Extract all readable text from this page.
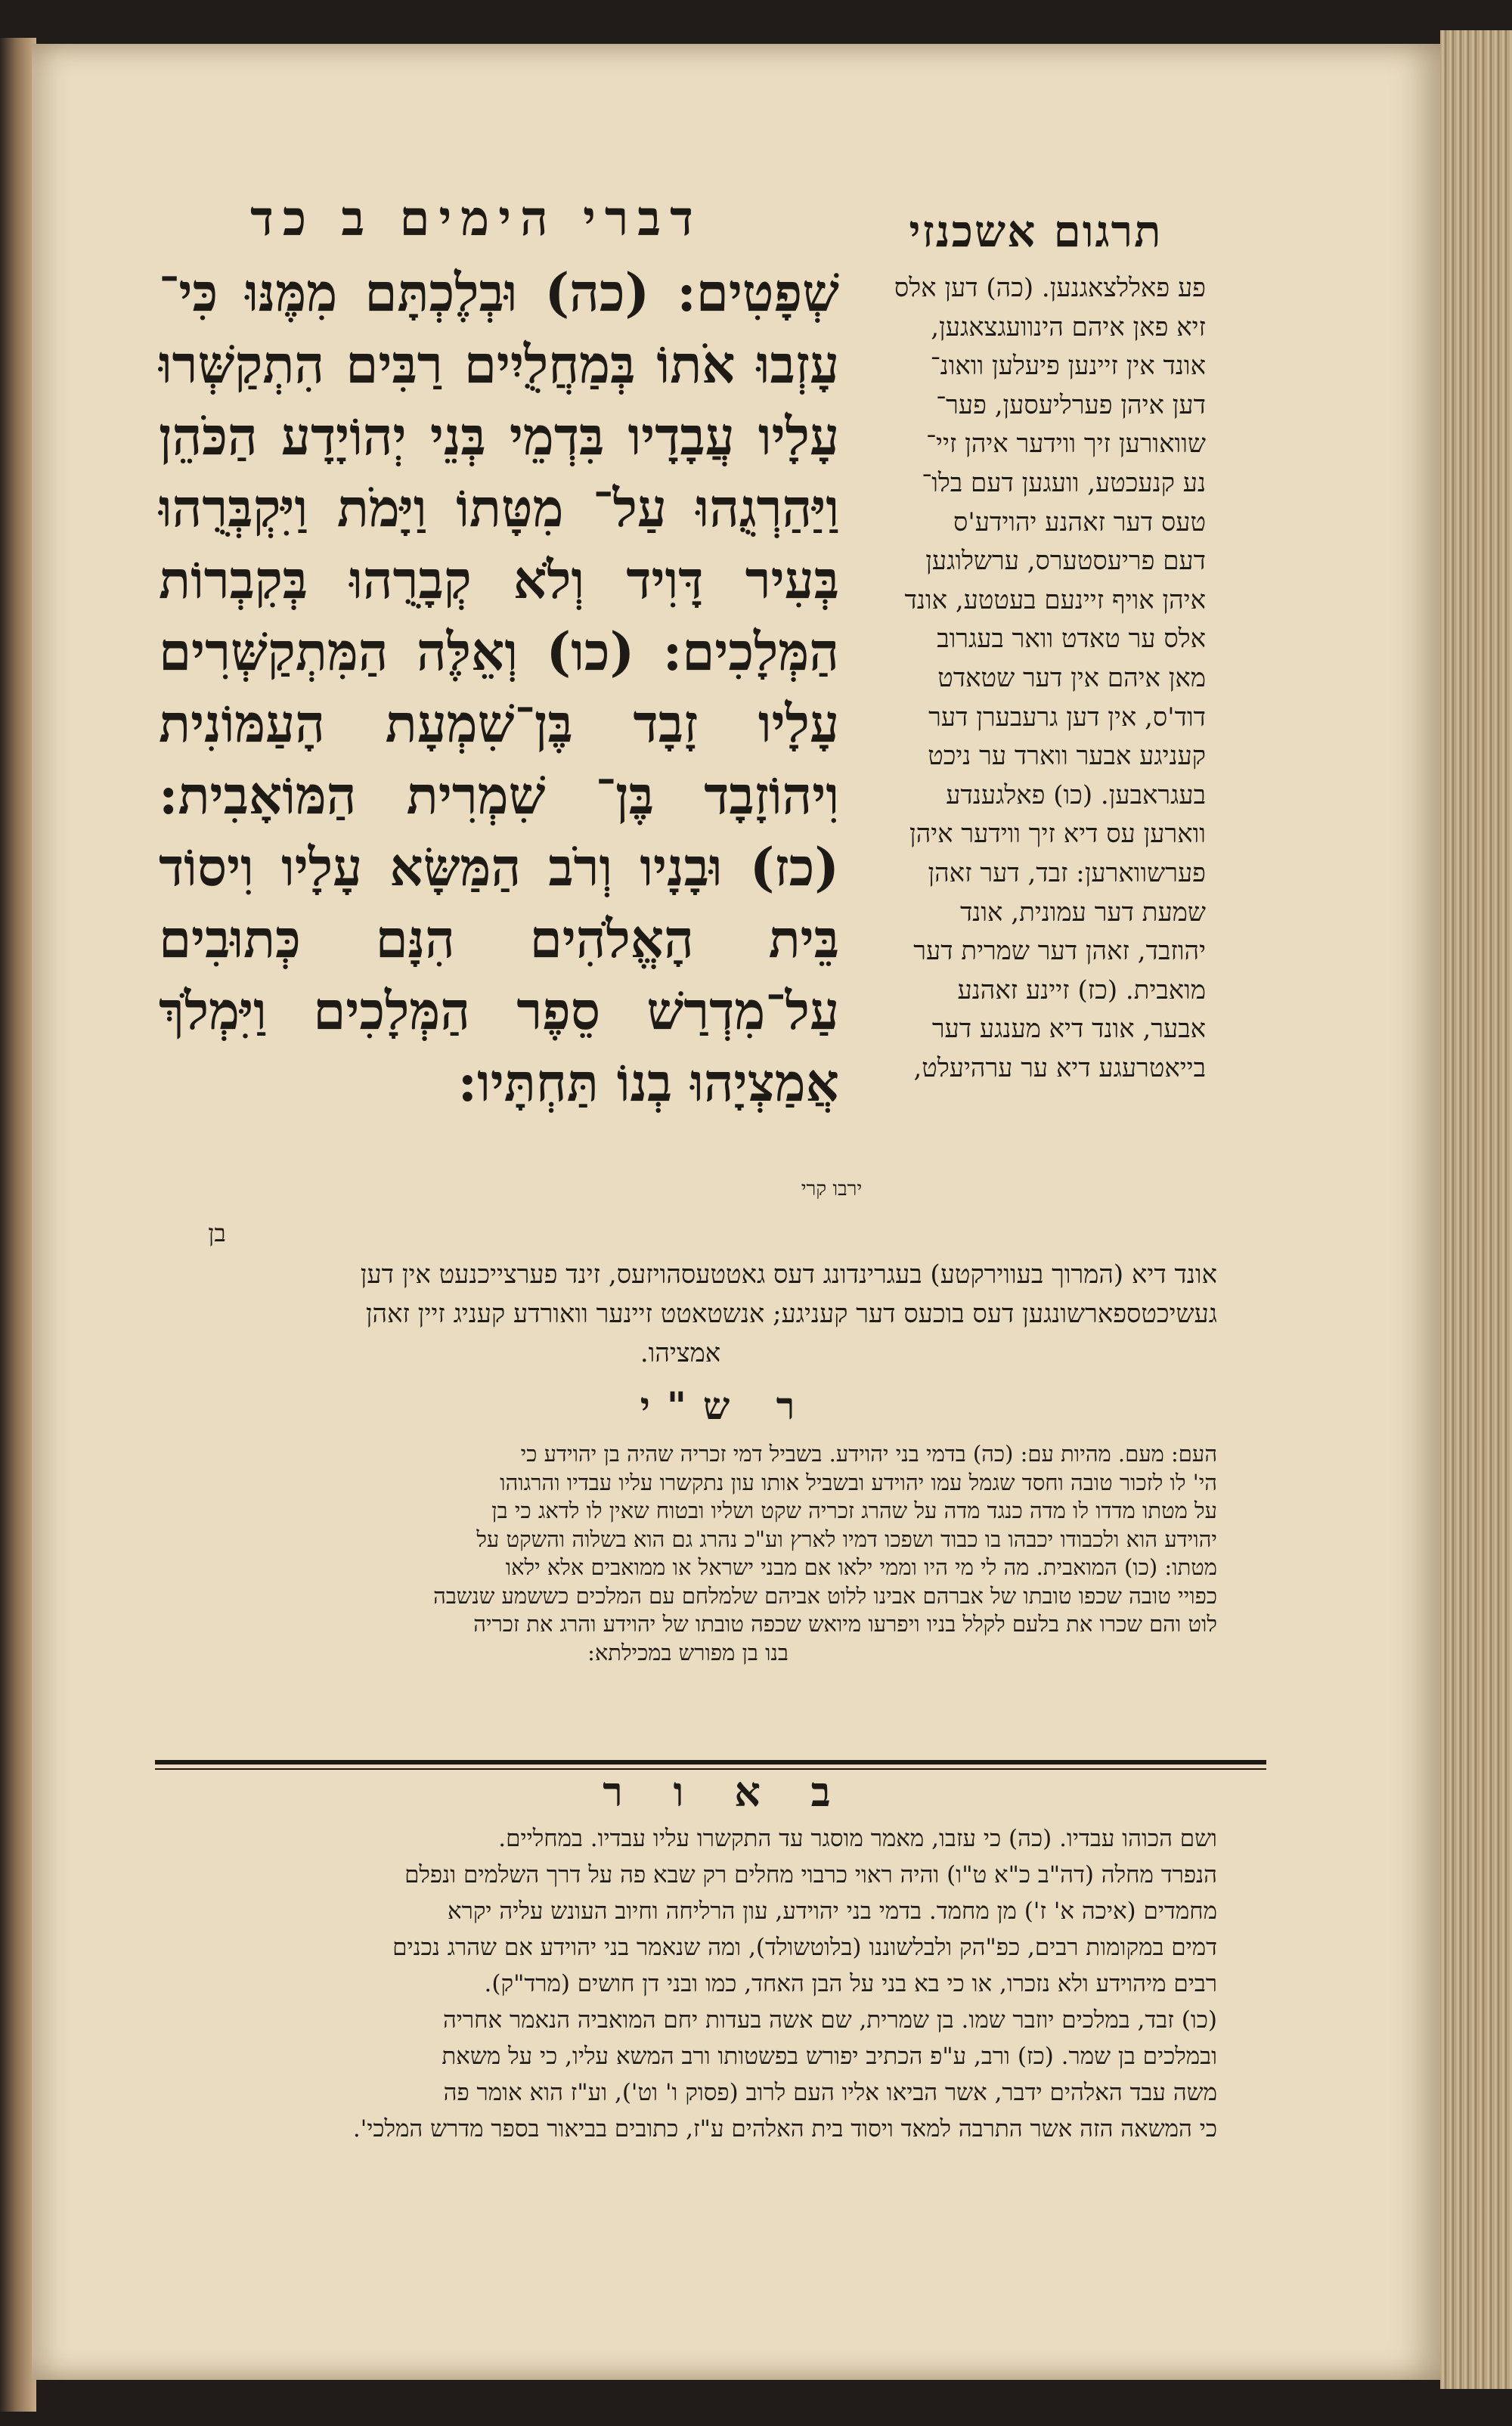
תרגום אשכנזי
דברי הימים ב כד
שְׁפָטִים: (כה) וּבְלֶכְתָּם מִמֶּנּוּ כִּי־ עָזְבוּ אֹתוֹ בְּמַחֲלֻיִים רַבִּים הִתְקַשְּׁרוּ עָלָיו עֲבָדָיו בִּדְמֵי בְּנֵי יְהוֹיָדָע הַכֹּהֵן וַיַּהַרְגֻהוּ עַל־ מִטָּתוֹ וַיָּמֹת וַיִּקְבְּרֻהוּ בְּעִיר דָּוִיד וְלֹא קְבָרֻהוּ בְּקִבְרוֹת הַמְּלָכִים: (כו) וְאֵלֶּה הַמִּתְקַשְּׁרִים עָלָיו זָבָד בֶּן־שִׁמְעָת הָעַמּוֹנִית וִיהוֹזָבָד בֶּן־ שִׁמְרִית הַמּוֹאָבִית: (כז) וּבָנָיו וְרֹב הַמַּשָּׂא עָלָיו וִיסוֹד בֵּית הָאֱלֹהִים הִנָּם כְּתוּבִים עַל־מִדְרַשׁ סֵפֶר הַמְּלָכִים וַיִּמְלֹךְ אֲמַצְיָהוּ בְנוֹ תַּחְתָּיו:
פע פאללצאגנען. (כה) דען אלס
זיא פאן איהם הינוועגצאגען,
אונד אין זיינען פיעלען וואונ־
דען איהן פערליעסען, פער־
שוואורען זיך ווידער איהן זיי־
נע קנעכטע, וועגען דעם בלו־
טעס דער זאהנע יהוידע'ס
דעם פריעסטערס, ערשלוגען
איהן אויף זיינעם בעטטע, אונד
אלס ער טאדט וואר בעגרוב
מאן איהם אין דער שטאדט
דוד'ס, אין דען גרעבערן דער
קעניגע אבער ווארד ער ניכט
בעגראבען. (כו) פאלגענדע
ווארען עס דיא זיך ווידער איהן
פערשווארען: זבד, דער זאהן
שמעת דער עמונית, אונד
יהוזבד, זאהן דער שמרית דער
מואבית. (כז) זיינע זאהנע
אבער, אונד דיא מענגע דער
בייאטרעגע דיא ער ערהיעלט,
ירבו קרי
בן
אונד דיא (המרוך בעווירקטע) בעגרינדונג דעס גאטטעסהויזעס, זינד פערצייכנעט אין דען
געשיכטספארשונגען דעס בוכעס דער קעניגע; אנשטאטט זיינער וואורדע קעניג זיין זאהן
אמציהו.
ר ש"י
העם: מעם. מהיות עם: (כה) בדמי בני יהוידע. בשביל דמי זכריה שהיה בן יהוידע כי
הי' לו לזכור טובה וחסד שגמל עמו יהוידע ובשביל אותו עון נתקשרו עליו עבדיו והרגוהו
על מטתו מדדו לו מדה כנגד מדה על שהרג זכריה שקט ושליו ובטוח שאין לו לדאג כי בן
יהוידע הוא ולכבודו יכבהו בו כבוד ושפכו דמיו לארץ וע"כ נהרג גם הוא בשלוה והשקט על
מטתו: (כו) המואבית. מה לי מי היו וממי ילאו אם מבני ישראל או ממואבים אלא ילאו
כפויי טובה שכפו טובתו של אברהם אבינו ללוט אביהם שלמלחם עם המלכים כששמע שנשבה
לוט והם שכרו את בלעם לקלל בניו ויפרעו מיואש שכפה טובתו של יהוידע והרג את זכריה
בנו בן מפורש במכילתא:
ב א ו ר
ושם הכוהו עבדיו. (כה) כי עזבו, מאמר מוסגר עד התקשרו עליו עבדיו. במחליים.
הנפרד מחלה (דה"ב כ"א ט"ו) והיה ראוי כרבוי מחלים רק שבא פה על דרך השלמים ונפלם
מחמדים (איכה א' ז') מן מחמד. בדמי בני יהוידע, עון הרליחה וחיוב העונש עליה יקרא
דמים במקומות רבים, כפ"הק ולבלשוננו (בלוטשולד), ומה שנאמר בני יהוידע אם שהרג נכנים
רבים מיהוידע ולא נזכרו, או כי בא בני על הבן האחד, כמו ובני דן חושים (מרד"ק).
(כו) זבד, במלכים יוזבר שמו. בן שמרית, שם אשה בעדות יחם המואביה הנאמר אחריה
ובמלכים בן שמר. (כז) ורב, ע"פ הכתיב יפורש בפשטותו ורב המשא עליו, כי על משאת
משה עבד האלהים ידבר, אשר הביאו אליו העם לרוב (פסוק ו' וט'), וע"ז הוא אומר פה
כי המשאה הזה אשר התרבה למאד ויסוד בית האלהים ע"ז, כתובים בביאור בספר מדרש המלכי'.
